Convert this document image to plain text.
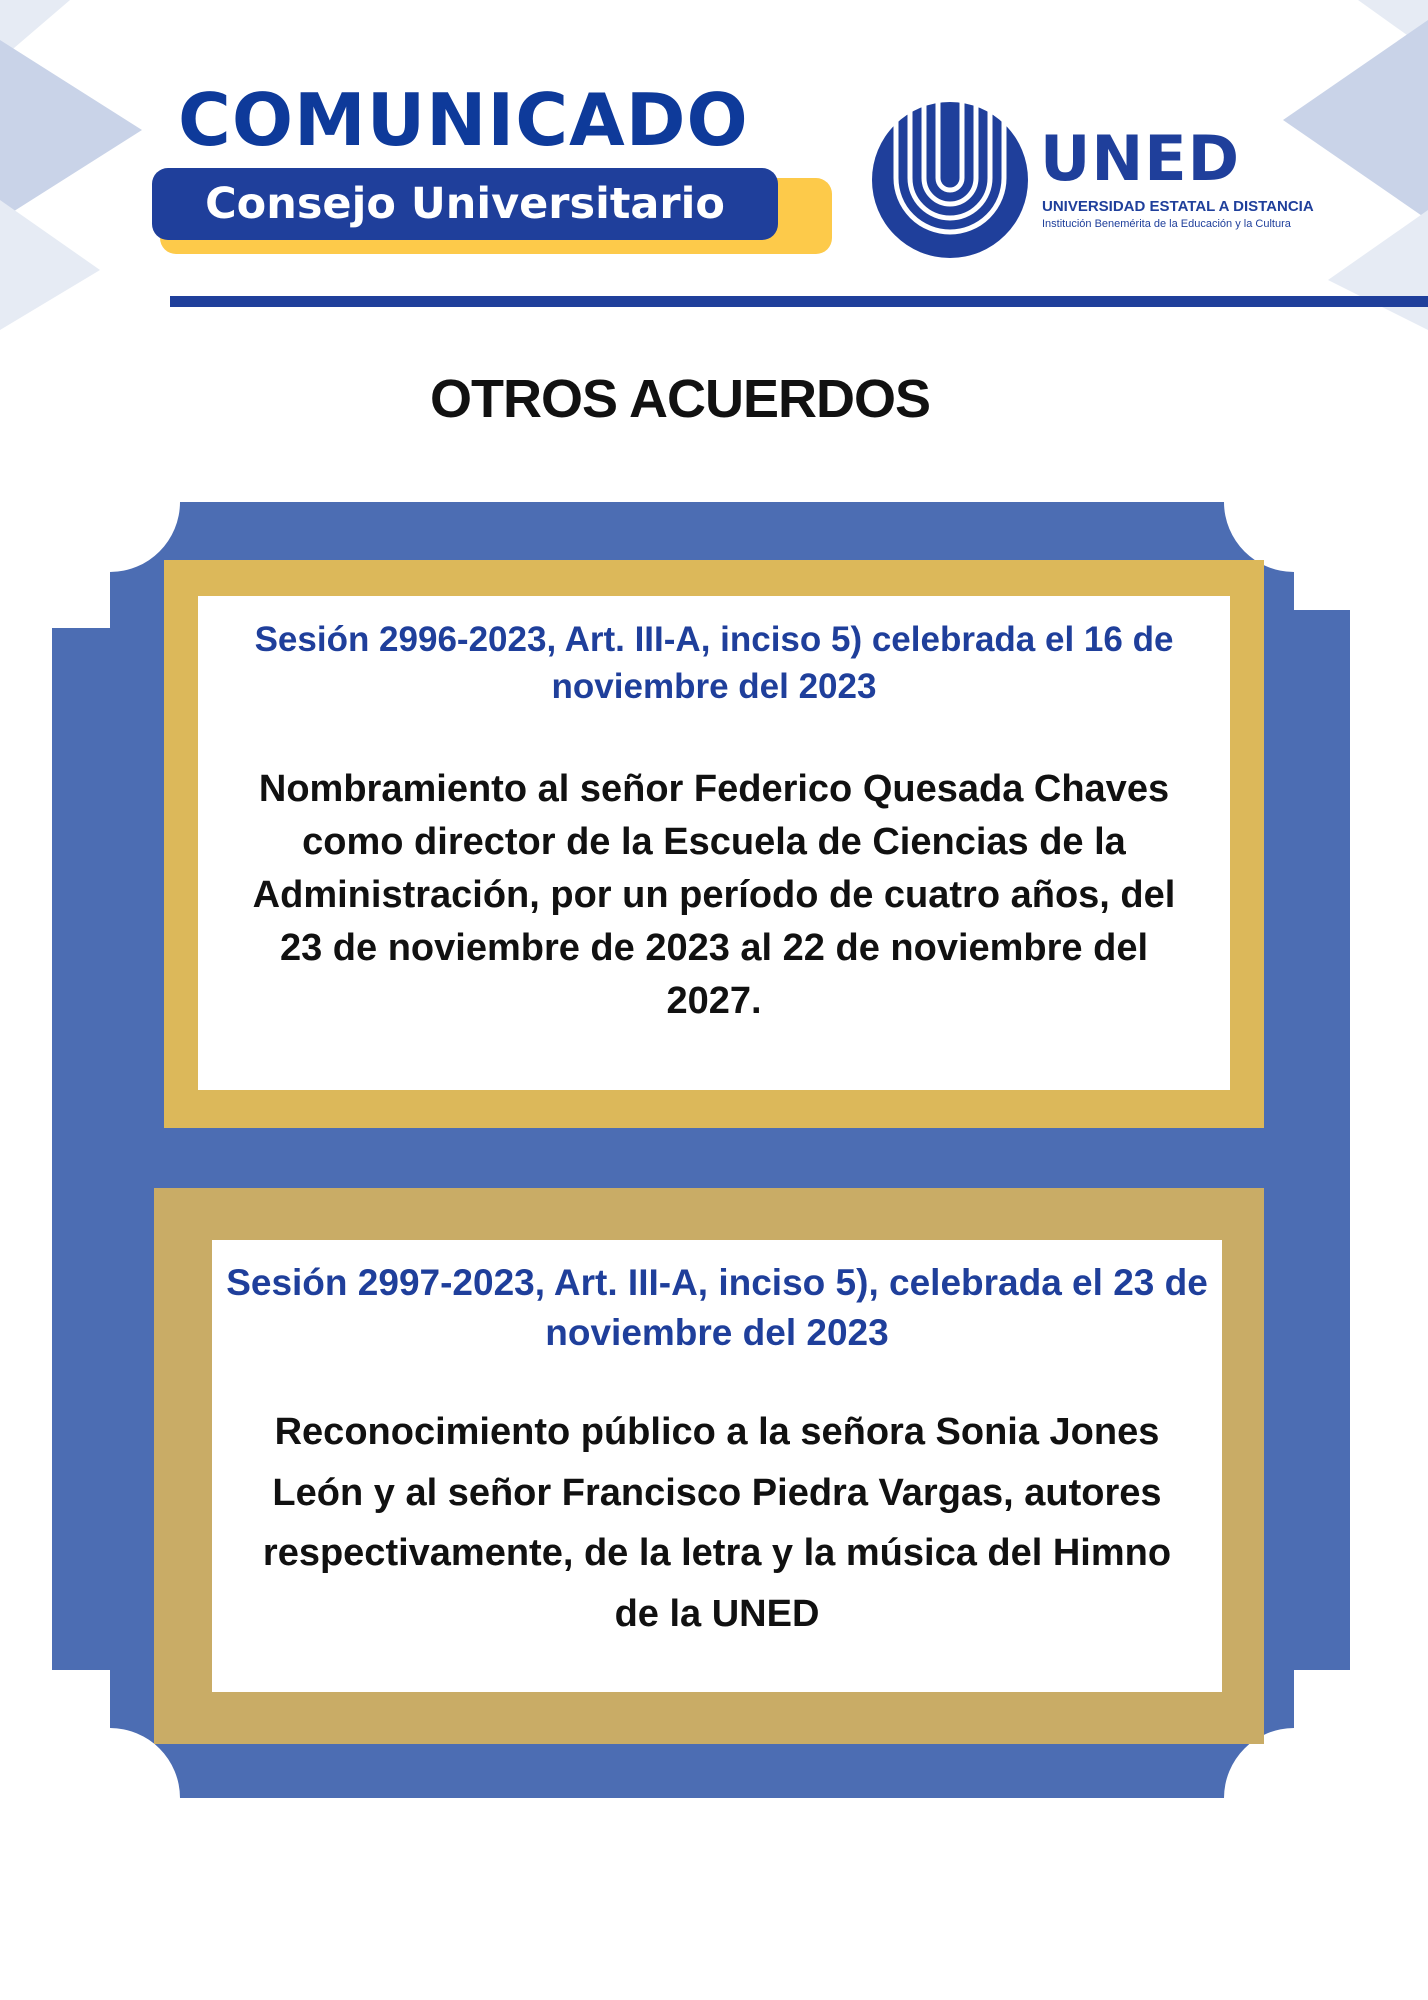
COMUNICADO
Consejo Universitario
UNED
UNIVERSIDAD ESTATAL A DISTANCIA
Institución Benemérita de la Educación y la Cultura
OTROS ACUERDOS
Sesión 2996-2023, Art. III-A, inciso 5) celebrada el 16 de noviembre del 2023
Nombramiento al señor Federico Quesada Chaves como director de la Escuela de Ciencias de la Administración, por un período de cuatro años, del 23 de noviembre de 2023 al 22 de noviembre del 2027.
Sesión 2997-2023, Art. III-A, inciso 5), celebrada el 23 de noviembre del 2023
Reconocimiento público a la señora Sonia Jones León y al señor Francisco Piedra Vargas, autores respectivamente, de la letra y la música del Himno de la UNED
